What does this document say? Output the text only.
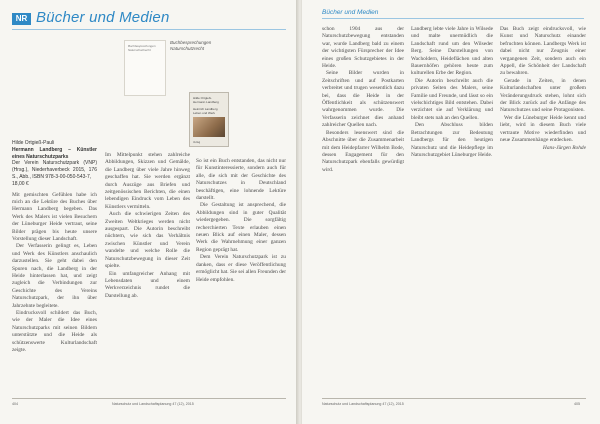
NR Bücher und Medien
Buchbesprechungen Naturschutzrecht
Buchbesprechungen
Naturschutzrecht
Hilde Ortgieß-
Hermann Landberg
Heinrich Landberg
Leben und Werk
Verlag
Hilde Ortgieß-Pauli
Hermann Landberg – Künstler eines Naturschutzparks
Der Verein Naturschutzpark (VNP) (Hrsg.), Niederhaverbeck 2015, 176 S., Abb., ISBN 978-3-00-050-543-7,
18,00 €

Mit gemischten Gefühlen habe ich mich an die Lektüre des Buches über Hermann Landberg begeben. Das Werk des Malers ist vielen Besuchern der Lüneburger Heide vertraut, seine Bilder prägen bis heute unsere Vorstellung dieser Landschaft.

Der Verfasserin gelingt es, Leben und Werk des Künstlers anschaulich darzustellen. Sie geht dabei den Spuren nach, die Landberg in der Heide hinterlassen hat, und zeigt zugleich die Verbindungen zur Geschichte des Vereins Naturschutzpark, der ihn über Jahrzehnte begleitete.

Eindrucksvoll schildert das Buch, wie der Maler die Idee eines Naturschutzparks mit seinen Bildern unterstützte und die Heide als schützenswerte Kulturlandschaft zeigte.

Im Mittelpunkt stehen zahlreiche Abbildungen, Skizzen und Gemälde, die Landberg über viele Jahre hinweg geschaffen hat. Sie werden ergänzt durch Auszüge aus Briefen und zeitgenössischen Berichten, die einen lebendigen Eindruck vom Leben des Künstlers vermitteln.

Auch die schwierigen Zeiten des Zweiten Weltkrieges werden nicht ausgespart. Die Autorin beschreibt nüchtern, wie sich das Verhältnis zwischen Künstler und Verein wandelte und welche Rolle die Naturschutzbewegung in dieser Zeit spielte.

Ein umfangreicher Anhang mit Lebensdaten und einem Werkverzeichnis rundet die Darstellung ab.

So ist ein Buch entstanden, das nicht nur für Kunstinteressierte, sondern auch für alle, die sich mit der Geschichte des Naturschutzes in Deutschland beschäftigen, eine lohnende Lektüre darstellt.

Die Gestaltung ist ansprechend, die Abbildungen sind in guter Qualität wiedergegeben. Die sorgfältig recherchierten Texte erlauben einen neuen Blick auf einen Maler, dessen Werk die Wahrnehmung einer ganzen Region geprägt hat.

Dem Verein Naturschutzpark ist zu danken, dass er diese Veröffentlichung ermöglicht hat. Sie sei allen Freunden der Heide empfohlen.

404	Naturschutz und Landschaftsplanung 47 (12), 2015
Bücher und Medien

schon 1904 aus der Naturschutzbewegung entstanden war, wurde Landberg bald zu einem der wichtigsten Fürsprecher der Idee eines großen Schutzgebietes in der Heide.

Seine Bilder wurden in Zeitschriften und auf Postkarten verbreitet und trugen wesentlich dazu bei, dass die Heide in der Öffentlichkeit als schützenswert wahrgenommen wurde. Die Verfasserin zeichnet dies anhand zahlreicher Quellen nach.

Besonders lesenswert sind die Abschnitte über die Zusammenarbeit mit dem Heidepfarrer Wilhelm Bode, dessen Engagement für den Naturschutzpark ebenfalls gewürdigt wird.

Landberg lebte viele Jahre in Wilsede und malte unermüdlich die Landschaft rund um den Wilseder Berg. Seine Darstellungen von Wacholdern, Heideflächen und alten Bauernhöfen gehören heute zum kulturellen Erbe der Region.

Die Autorin beschreibt auch die privaten Seiten des Malers, seine Familie und Freunde, und lässt so ein vielschichtiges Bild entstehen. Dabei verzichtet sie auf Verklärung und bleibt stets nah an den Quellen.

Den Abschluss bilden Betrachtungen zur Bedeutung Landbergs für den heutigen Naturschutz und die Heidepflege im Naturschutzgebiet Lüneburger Heide.

Das Buch zeigt eindrucksvoll, wie Kunst und Naturschutz einander befruchten können. Landbergs Werk ist dabei nicht nur Zeugnis einer vergangenen Zeit, sondern auch ein Appell, die Schönheit der Landschaft zu bewahren.

Gerade in Zeiten, in denen Kulturlandschaften unter großem Veränderungsdruck stehen, lohnt sich der Blick zurück auf die Anfänge des Naturschutzes und seine Protagonisten.

Wer die Lüneburger Heide kennt und liebt, wird in diesem Buch viele vertraute Motive wiederfinden und neue Zusammenhänge entdecken.

Hans-Jürgen Rohde

Naturschutz und Landschaftsplanung 47 (12), 2015	405
